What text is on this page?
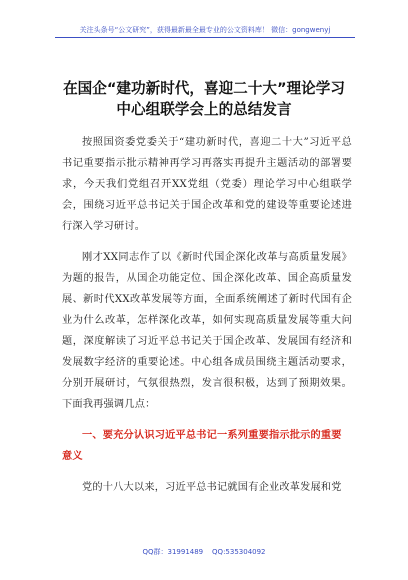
关注头条号“公文研究”，获得最新最全最专业的公文资料库！ 微信：gongwenyj
在国企“建功新时代，喜迎二十大”理论学习
中心组联学会上的总结发言

按照国资委党委关于“建功新时代，喜迎二十大”习近平总书记重要指示批示精神再学习再落实再提升主题活动的部署要求，今天我们党组召开XX党组（党委）理论学习中心组联学会，围绕习近平总书记关于国企改革和党的建设等重要论述进行深入学习研讨。

刚才XX同志作了以《新时代国企深化改革与高质量发展》为题的报告，从国企功能定位、国企深化改革、国企高质量发展、新时代XX改革发展等方面，全面系统阐述了新时代国有企业为什么改革，怎样深化改革，如何实现高质量发展等重大问题，深度解读了习近平总书记关于国企改革、发展国有经济和发展数字经济的重要论述。中心组各成员围绕主题活动要求，分别开展研讨，气氛很热烈，发言很积极，达到了预期效果。下面我再强调几点：

一、要充分认识习近平总书记一系列重要指示批示的重要意义

党的十八大以来，习近平总书记就国有企业改革发展和党

QQ群：31991489 QQ:535304092
